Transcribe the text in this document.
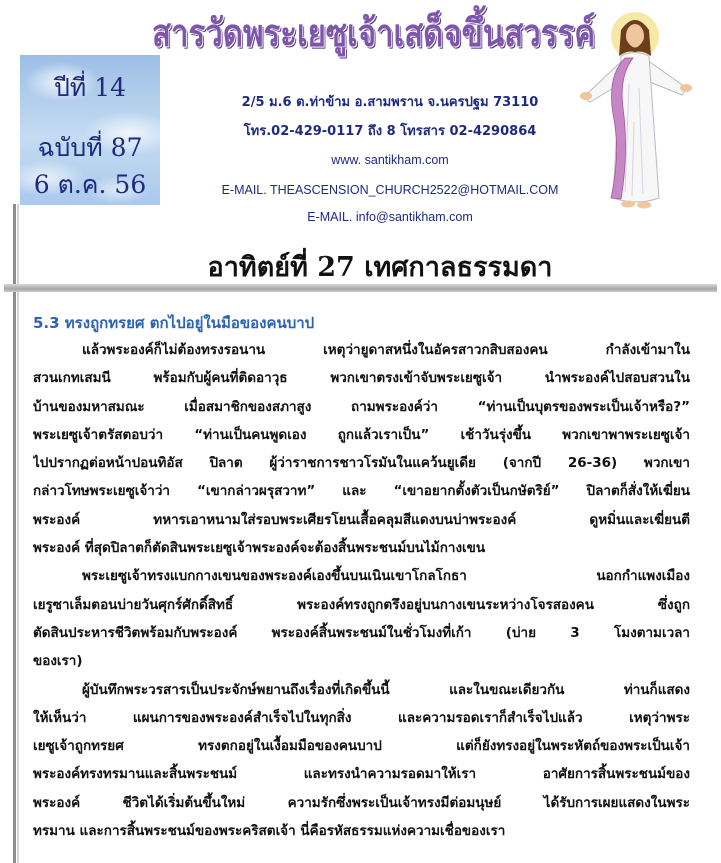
สารวัดพระเยซูเจ้าเสด็จขึ้นสวรรค์
ปีที่ 14
ฉบับที่ 87
6 ต.ค. 56
2/5 ม.6 ต.ท่าข้าม อ.สามพราน จ.นครปฐม 73110
โทร.02-429-0117 ถึง 8 โทรสาร 02-4290864
www. santikham.com
E-MAIL. THEASCENSION_CHURCH2522@HOTMAIL.COM
E-MAIL. info@santikham.com
อาทิตย์ที่ 27 เทศกาลธรรมดา
5.3 ทรงถูกทรยศ ตกไปอยู่ในมือของคนบาป
แล้วพระองค์ก็ไม่ต้องทรงรอนาน เหตุว่ายูดาสหนึ่งในอัครสาวกสิบสองคน กำลังเข้ามาใน
สวนเกทเสมนี พร้อมกับผู้คนที่ติดอาวุธ พวกเขาตรงเข้าจับพระเยซูเจ้า นำพระองค์ไปสอบสวนใน
บ้านของมหาสมณะ เมื่อสมาชิกของสภาสูง ถามพระองค์ว่า “ท่านเป็นบุตรของพระเป็นเจ้าหรือ?”
พระเยซูเจ้าตรัสตอบว่า “ท่านเป็นคนพูดเอง ถูกแล้วเราเป็น” เช้าวันรุ่งขึ้น พวกเขาพาพระเยซูเจ้า
ไปปรากฏต่อหน้าปอนทิอัส ปิลาต ผู้ว่าราชการชาวโรมันในแคว้นยูเดีย (จากปี 26-36) พวกเขา
กล่าวโทษพระเยซูเจ้าว่า “เขากล่าวผรุสวาท” และ “เขาอยากตั้งตัวเป็นกษัตริย์” ปิลาตก็สั่งให้เฆี่ยน
พระองค์ ทหารเอาหนามใส่รอบพระเศียรโยนเสื้อคลุมสีแดงบนบ่าพระองค์ ดูหมิ่นและเฆี่ยนตี
พระองค์ ที่สุดปิลาตก็ตัดสินพระเยซูเจ้าพระองค์จะต้องสิ้นพระชนม์บนไม้กางเขน
พระเยซูเจ้าทรงแบกกางเขนของพระองค์เองขึ้นบนเนินเขาโกลโกธา นอกกำแพงเมือง
เยรูซาเล็มตอนบ่ายวันศุกร์ศักดิ์สิทธิ์ พระองค์ทรงถูกตรึงอยู่บนกางเขนระหว่างโจรสองคน ซึ่งถูก
ตัดสินประหารชีวิตพร้อมกับพระองค์ พระองค์สิ้นพระชนม์ในชั่วโมงที่เก้า (บ่าย 3 โมงตามเวลา
ของเรา)
ผู้บันทึกพระวรสารเป็นประจักษ์พยานถึงเรื่องที่เกิดขึ้นนี้ และในขณะเดียวกัน ท่านก็แสดง
ให้เห็นว่า แผนการของพระองค์สำเร็จไปในทุกสิ่ง และความรอดเราก็สำเร็จไปแล้ว เหตุว่าพระ
เยซูเจ้าถูกทรยศ ทรงตกอยู่ในเงื้อมมือของคนบาป แต่ก็ยังทรงอยู่ในพระหัตถ์ของพระเป็นเจ้า
พระองค์ทรงทรมานและสิ้นพระชนม์ และทรงนำความรอดมาให้เรา อาศัยการสิ้นพระชนม์ของ
พระองค์ ชีวิตได้เริ่มต้นขึ้นใหม่ ความรักซึ่งพระเป็นเจ้าทรงมีต่อมนุษย์ ได้รับการเผยแสดงในพระ
ทรมาน และการสิ้นพระชนม์ของพระคริสตเจ้า นี่คือรหัสธรรมแห่งความเชื่อของเรา
